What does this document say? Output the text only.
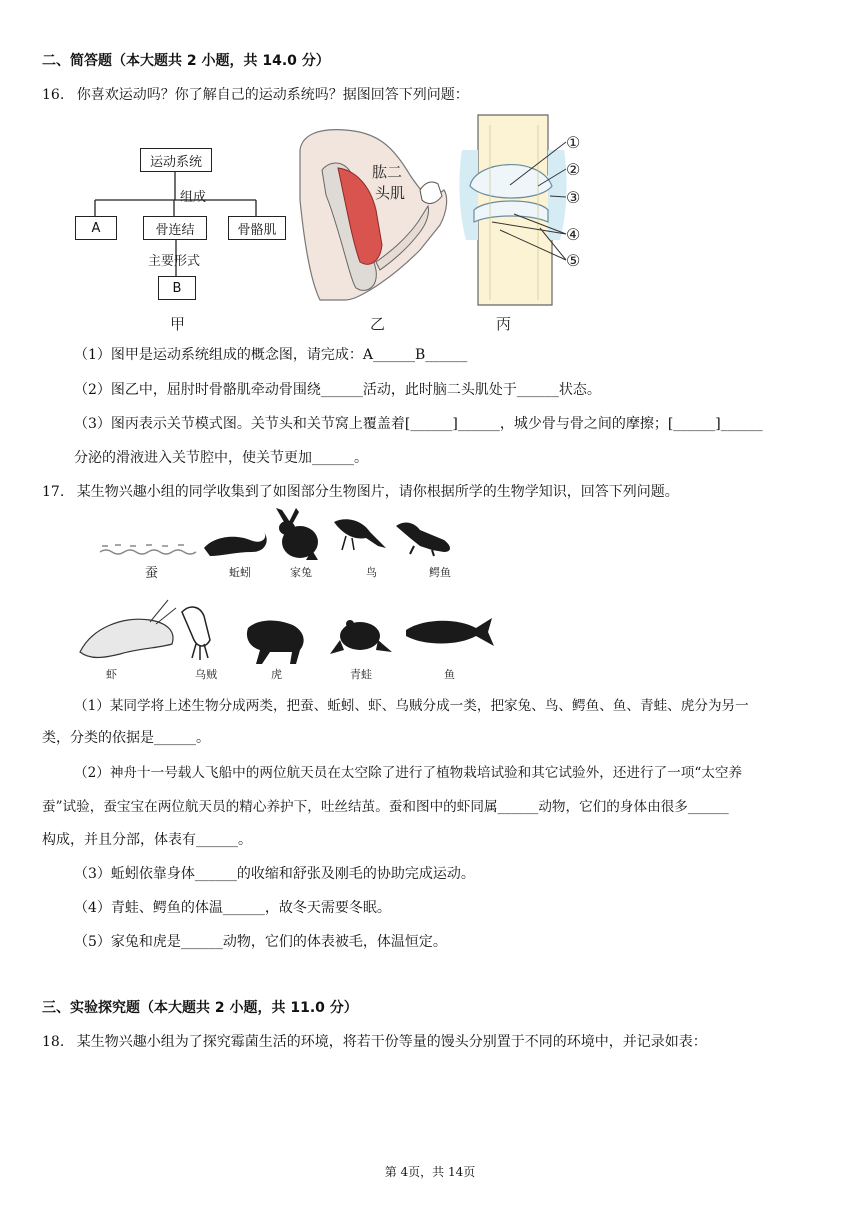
二、简答题（本大题共 2 小题，共 14.0 分）
16. 你喜欢运动吗？你了解自己的运动系统吗？据图回答下列问题：
运动系统
组成
A	骨连结	骨骼肌
主要形式
B
甲
肱二
头肌
乙
①
②
③
④
⑤
丙
（1）图甲是运动系统组成的概念图，请完成：A______B______
（2）图乙中，屈肘时骨骼肌牵动骨围绕______活动，此时脑二头肌处于______状态。
（3）图丙表示关节模式图。关节头和关节窝上覆盖着[______]______，城少骨与骨之间的摩擦；[______]______
分泌的滑液进入关节腔中，使关节更加______。
17. 某生物兴趣小组的同学收集到了如图部分生物图片，请你根据所学的生物学知识，回答下列问题。
蚕	蚯蚓	家兔	鸟	鳄鱼
虾	乌贼	虎	青蛙	鱼
（1）某同学将上述生物分成两类，把蚕、蚯蚓、虾、乌贼分成一类，把家兔、鸟、鳄鱼、鱼、青蛙、虎分为另一
类，分类的依据是______。
（2）神舟十一号载人飞船中的两位航天员在太空除了进行了植物栽培试验和其它试验外，还进行了一项“太空养
蚕”试验，蚕宝宝在两位航天员的精心养护下，吐丝结茧。蚕和图中的虾同属______动物，它们的身体由很多______
构成，并且分部，体表有______。
（3）蚯蚓依靠身体______的收缩和舒张及刚毛的协助完成运动。
（4）青蛙、鳄鱼的体温______，故冬天需要冬眠。
（5）家兔和虎是______动物，它们的体表被毛，体温恒定。
三、实验探究题（本大题共 2 小题，共 11.0 分）
18. 某生物兴趣小组为了探究霉菌生活的环境，将若干份等量的馒头分别置于不同的环境中，并记录如表：
第 4页，共 14页
